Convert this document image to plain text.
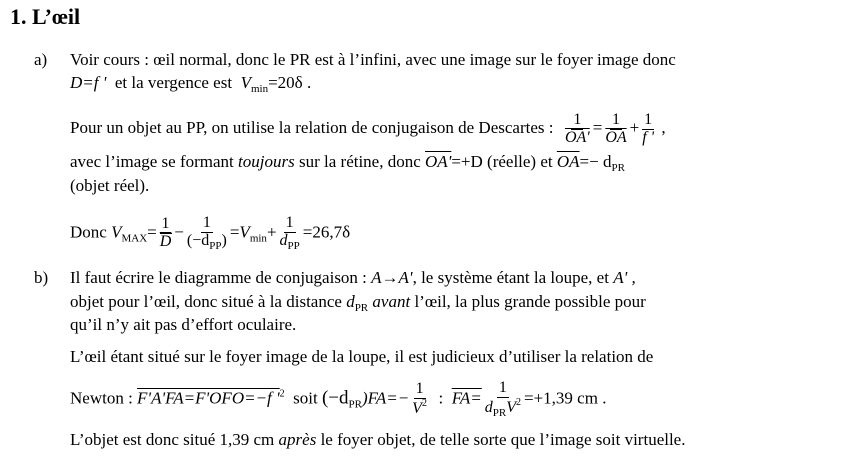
1. L’œil
a) Voir cours : œil normal, donc le PR est à l’infini, avec une image sur le foyer image donc
D=f ' et la vergence est $V_{min}=20\delta$ .
Pour un objet au PP, on utilise la relation de conjugaison de Descartes : $\frac{1}{OA'} = \frac{1}{OA} + \frac{1}{f '}$ ,
avec l’image se formant toujours sur la rétine, donc OA'=+D (réelle) et $\overline{OA}=- d_{PR}$
(objet réel).
Donc $V_{MAX}= \frac{1}{D} - \frac{1}{(-d_{PP})} =V_{min}+ \frac{1}{d_{PP}} =26,7\delta$
b) Il faut écrire le diagramme de conjugaison : A→A', le système étant la loupe, et A' ,
objet pour l’œil, donc situé à la distance $d_{PR}$ avant l’œil, la plus grande possible pour
qu’il n’y ait pas d’effort oculaire.
L’œil étant situé sur le foyer image de la loupe, il est judicieux d’utiliser la relation de
Newton : F'A'FA=F'OFO=−f '$^2$ soit $(-d_{PR})FA=- \frac{1}{V^2}$ : $FA= \frac{1}{d_{PR}V^2} =+1,39$ cm .
L’objet est donc situé 1,39 cm après le foyer objet, de telle sorte que l’image soit virtuelle.
